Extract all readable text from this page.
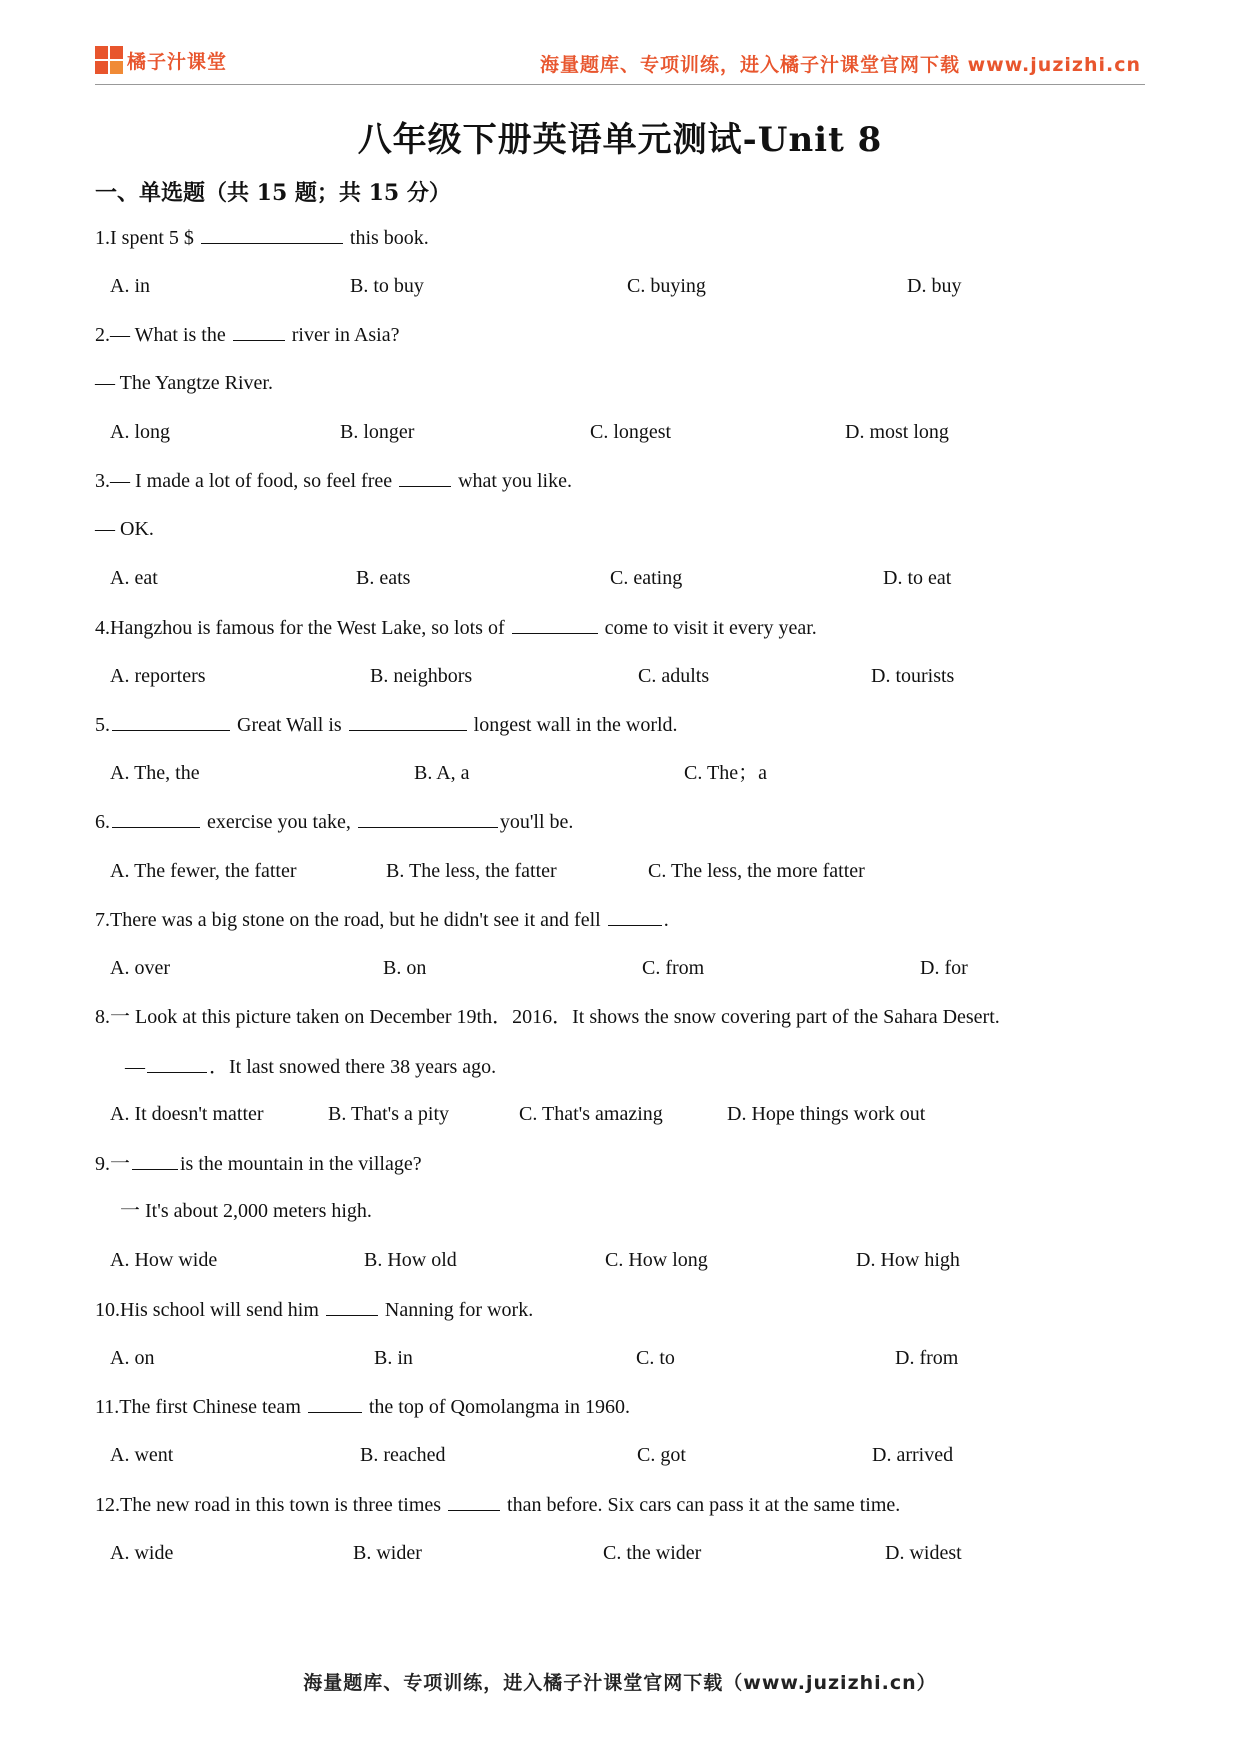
橘子汁课堂	海量题库、专项训练，进入橘子汁课堂官网下载 www.juzizhi.cn
八年级下册英语单元测试-Unit 8
一、单选题（共 15 题；共 15 分）
1.I spent 5 $	this book.
A. in	B. to buy	C. buying	D. buy
2.— What is the	river in Asia?
— The Yangtze River.
A. long	B. longer	C. longest	D. most long
3.— I made a lot of food, so feel free	what you like.
— OK.
A. eat	B. eats	C. eating	D. to eat
4.Hangzhou is famous for the West Lake, so lots of	come to visit it every year.
A. reporters	B. neighbors	C. adults	D. tourists
5.	Great Wall is	longest wall in the world.
A. The, the	B. A, a	C. The；a
6.	exercise you take,	you'll be.
A. The fewer, the fatter	B. The less, the fatter	C. The less, the more fatter
7.There was a big stone on the road, but he didn't see it and fell	.
A. over	B. on	C. from	D. for
8.一 Look at this picture taken on December 19th．2016．It shows the snow covering part of the Sahara Desert.
—	．It last snowed there 38 years ago.
A. It doesn't matter	B. That's a pity	C. That's amazing	D. Hope things work out
9.一	is the mountain in the village?
一 It's about 2,000 meters high.
A. How wide	B. How old	C. How long	D. How high
10.His school will send him	Nanning for work.
A. on	B. in	C. to	D. from
11.The first Chinese team	the top of Qomolangma in 1960.
A. went	B. reached	C. got	D. arrived
12.The new road in this town is three times	than before. Six cars can pass it at the same time.
A. wide	B. wider	C. the wider	D. widest
海量题库、专项训练，进入橘子汁课堂官网下载（www.juzizhi.cn）
